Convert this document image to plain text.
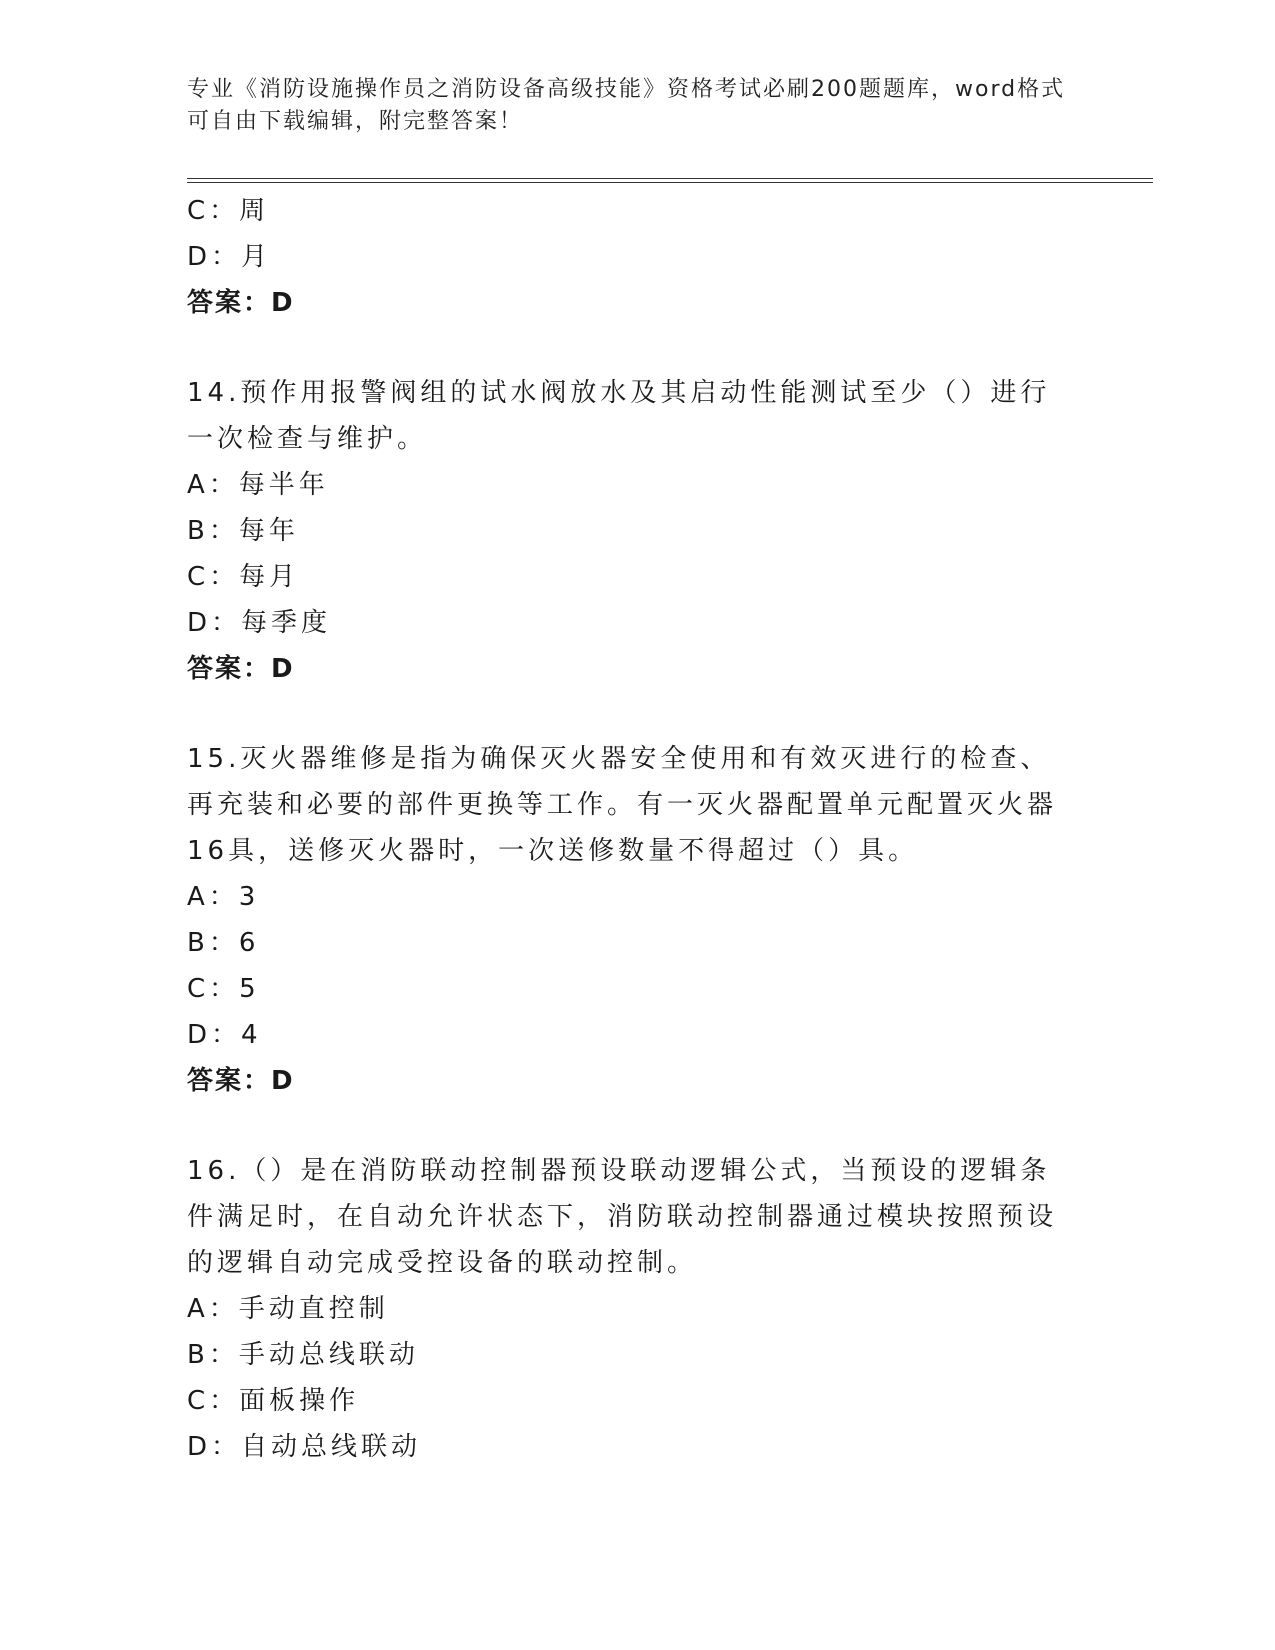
专业《消防设施操作员之消防设备高级技能》资格考试必刷200题题库，word格式可自由下载编辑，附完整答案！
C：周
D：月
答案：D
14.预作用报警阀组的试水阀放水及其启动性能测试至少（）进行一次检查与维护。
A：每半年
B：每年
C：每月
D：每季度
答案：D
15.灭火器维修是指为确保灭火器安全使用和有效灭进行的检查、再充装和必要的部件更换等工作。有一灭火器配置单元配置灭火器16具，送修灭火器时，一次送修数量不得超过（）具。
A：3
B：6
C：5
D：4
答案：D
16.（）是在消防联动控制器预设联动逻辑公式，当预设的逻辑条件满足时，在自动允许状态下，消防联动控制器通过模块按照预设的逻辑自动完成受控设备的联动控制。
A：手动直控制
B：手动总线联动
C：面板操作
D：自动总线联动
